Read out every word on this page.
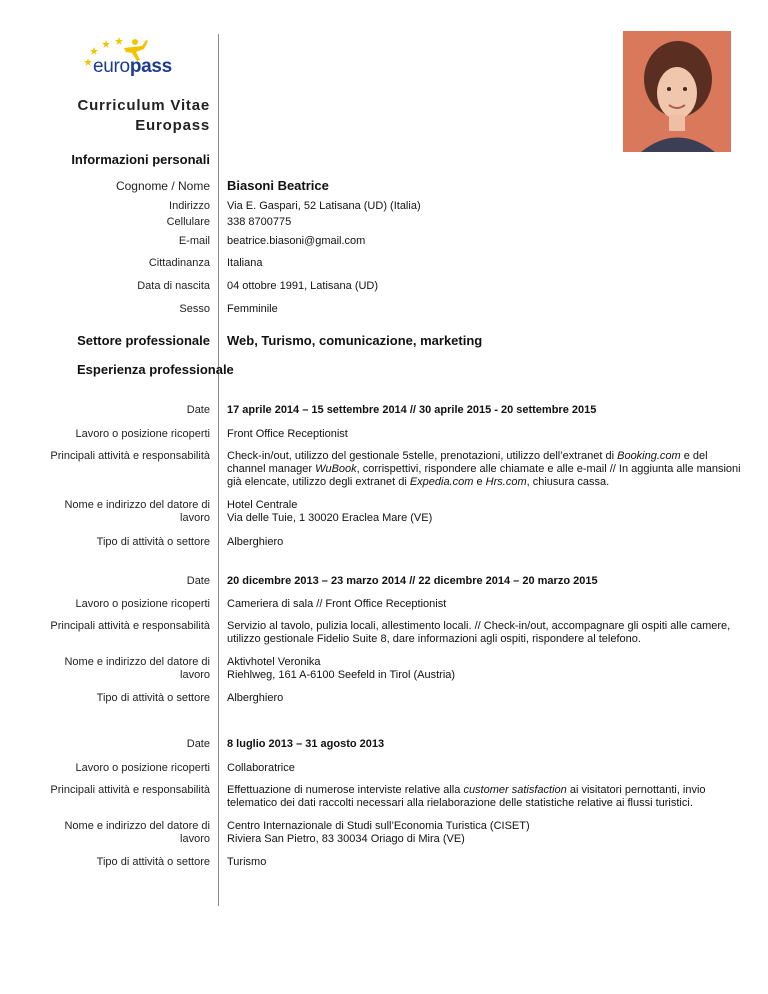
europass
Curriculum Vitae
Europass
Informazioni personali
Cognome / Nome Biasoni Beatrice
Indirizzo Via E. Gaspari, 52 Latisana (UD) (Italia)
Cellulare 338 8700775
E-mail beatrice.biasoni@gmail.com
Cittadinanza Italiana
Data di nascita 04 ottobre 1991, Latisana (UD)
Sesso Femminile
Settore professionale Web, Turismo, comunicazione, marketing
Esperienza professionale
Date 17 aprile 2014 – 15 settembre 2014 // 30 aprile 2015 - 20 settembre 2015
Lavoro o posizione ricoperti Front Office Receptionist
Principali attività e responsabilità Check-in/out, utilizzo del gestionale 5stelle, prenotazioni, utilizzo dell’extranet di Booking.com e del
channel manager WuBook, corrispettivi, rispondere alle chiamate e alle e-mail // In aggiunta alle mansioni
già elencate, utilizzo degli extranet di Expedia.com e Hrs.com, chiusura cassa.
Nome e indirizzo del datore di
lavoro
Hotel Centrale
Via delle Tuie, 1 30020 Eraclea Mare (VE)
Tipo di attività o settore Alberghiero
Date 20 dicembre 2013 – 23 marzo 2014 // 22 dicembre 2014 – 20 marzo 2015
Lavoro o posizione ricoperti Cameriera di sala // Front Office Receptionist
Principali attività e responsabilità Servizio al tavolo, pulizia locali, allestimento locali. // Check-in/out, accompagnare gli ospiti alle camere,
utilizzo gestionale Fidelio Suite 8, dare informazioni agli ospiti, rispondere al telefono.
Nome e indirizzo del datore di
lavoro
Aktivhotel Veronika
Riehlweg, 161 A-6100 Seefeld in Tirol (Austria)
Tipo di attività o settore Alberghiero
Date 8 luglio 2013 – 31 agosto 2013
Lavoro o posizione ricoperti Collaboratrice
Principali attività e responsabilità Effettuazione di numerose interviste relative alla customer satisfaction ai visitatori pernottanti, invio
telematico dei dati raccolti necessari alla rielaborazione delle statistiche relative ai flussi turistici.
Nome e indirizzo del datore di
lavoro
Centro Internazionale di Studi sull’Economia Turistica (CISET)
Riviera San Pietro, 83 30034 Oriago di Mira (VE)
Tipo di attività o settore Turismo
